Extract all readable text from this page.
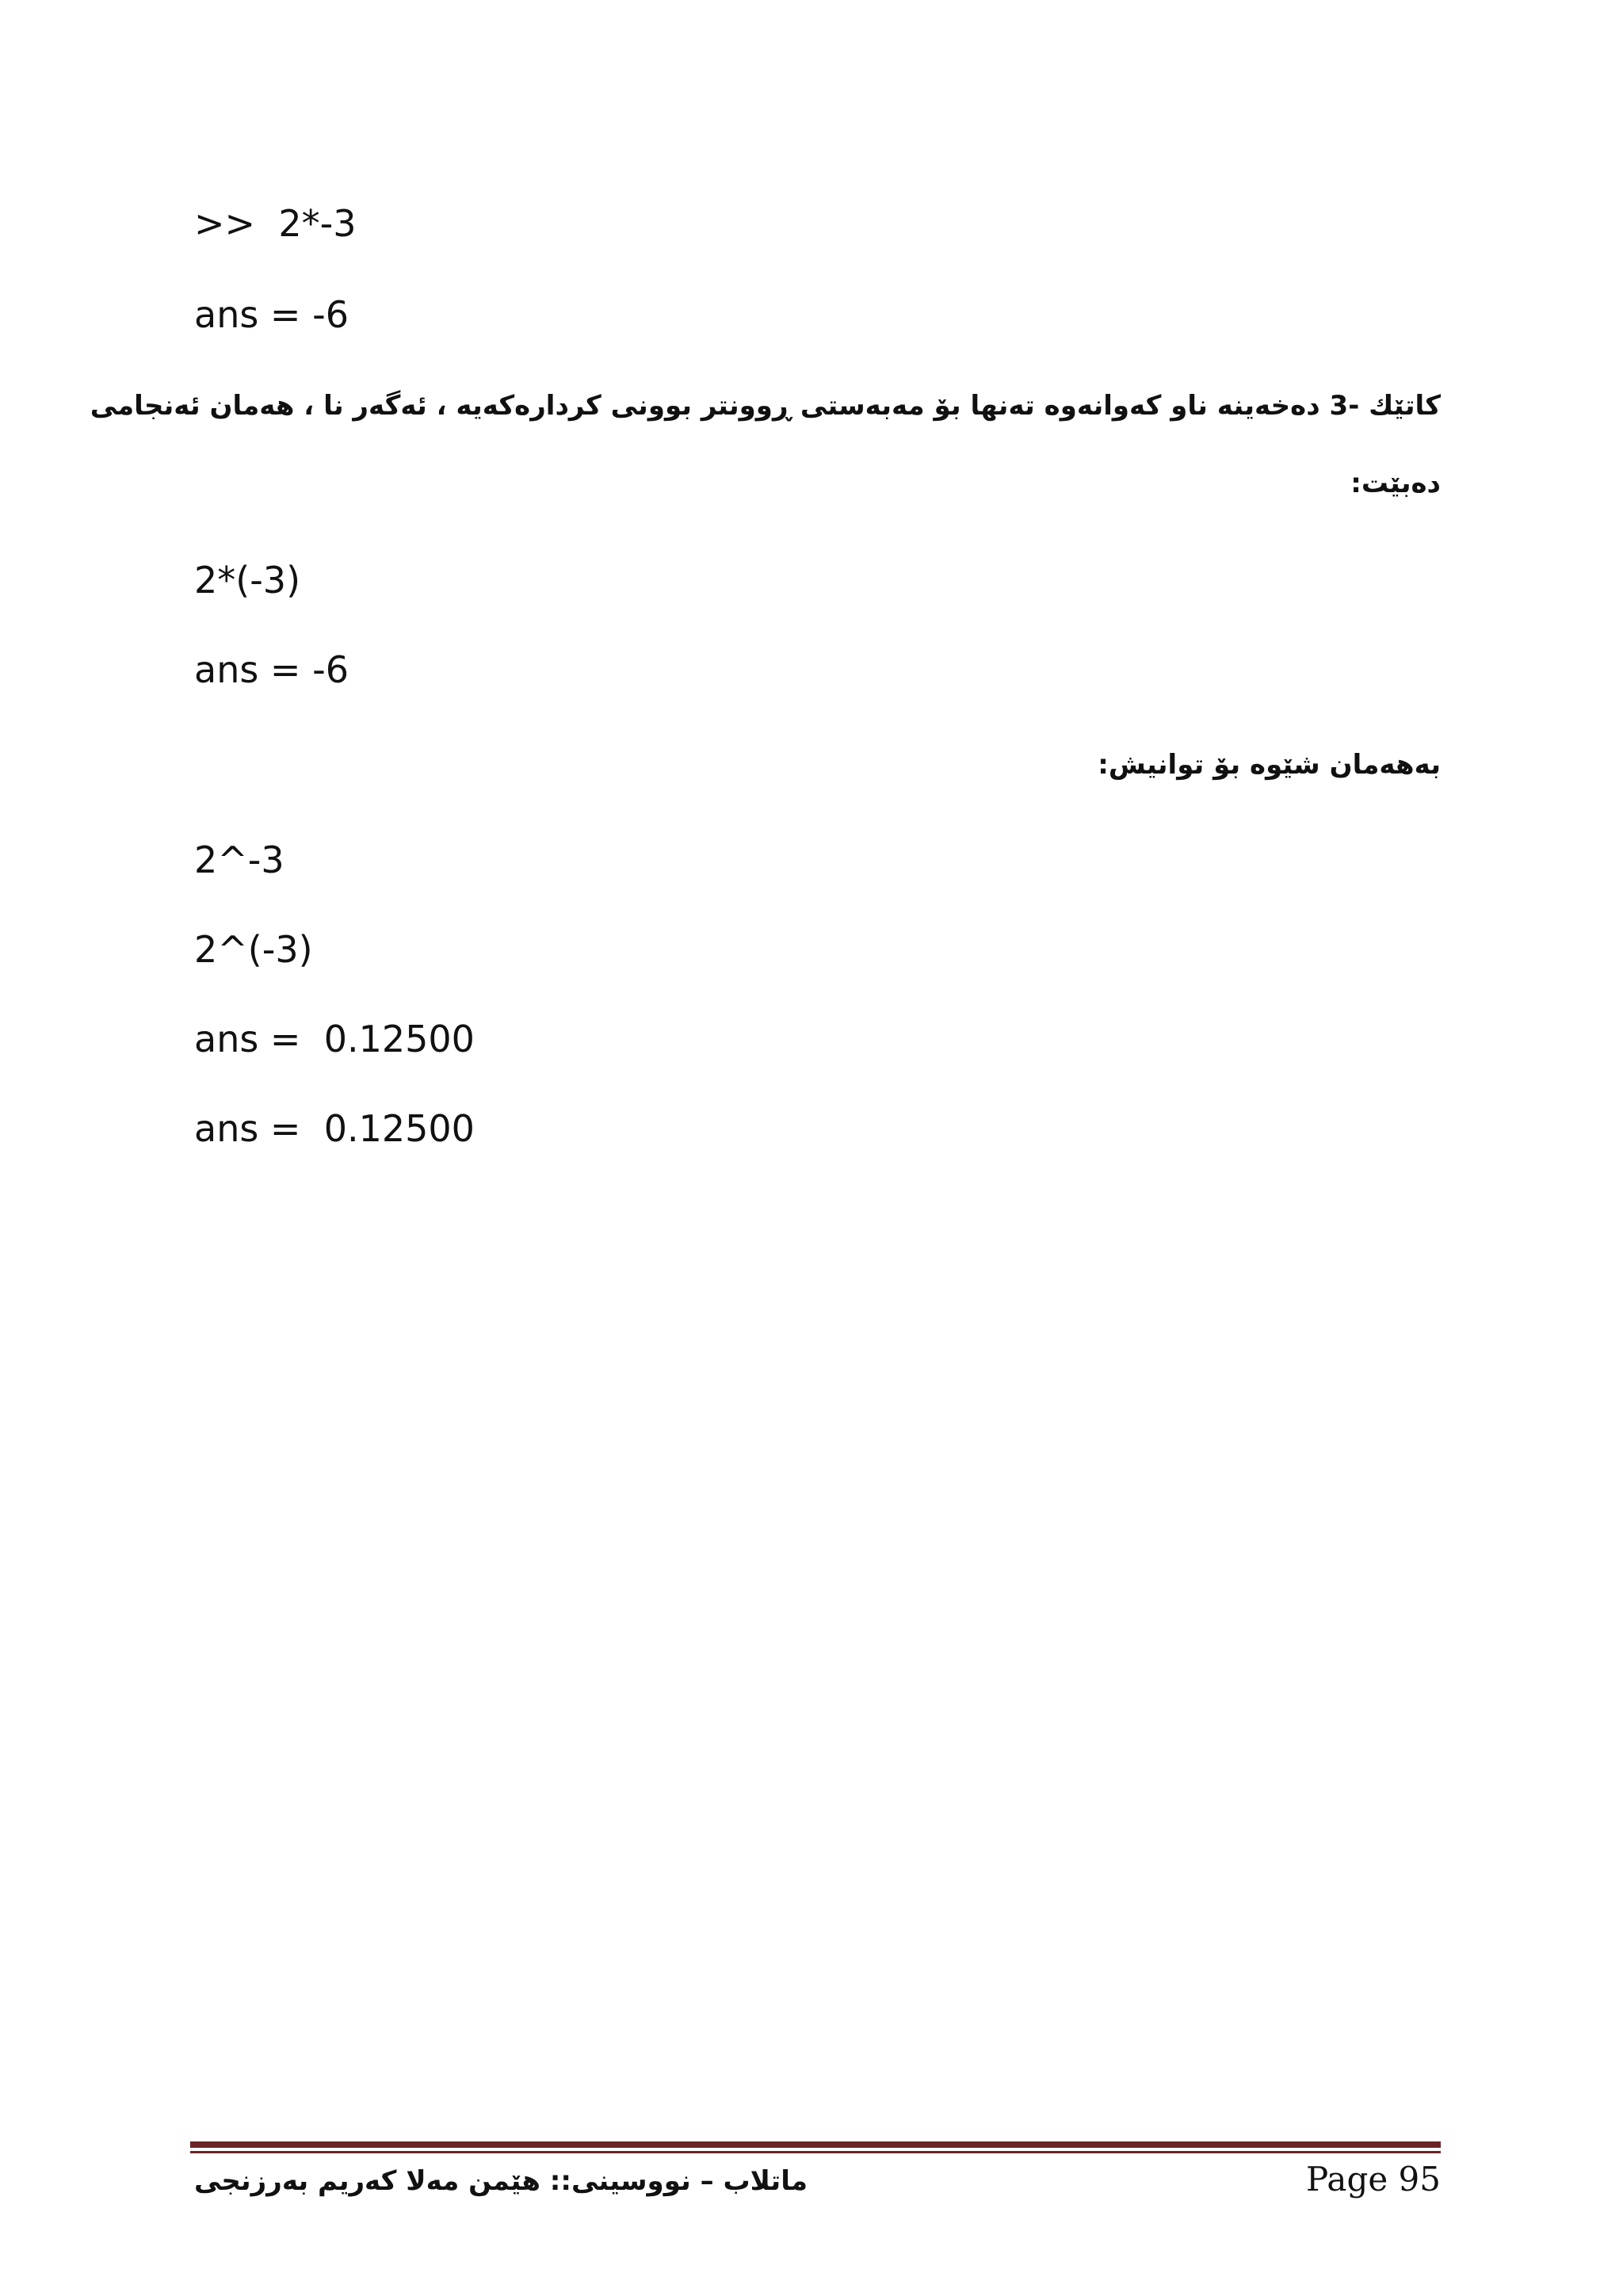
>>  2*-3
ans = -6
کاتێك -3 دەخەینە ناو کەوانەوە تەنها بۆ مەبەستی ڕوونتر بوونی کردارەکەیە ، ئەگەر نا ، هەمان ئەنجامی
دەبێت:
2*(-3)
ans = -6
بەهەمان شێوە بۆ توانیش:
2^-3
2^(-3)
ans =  0.12500
ans =  0.12500
ماتلاب – نووسینی:: هێمن مەلا کەریم بەرزنجی	Page 95
